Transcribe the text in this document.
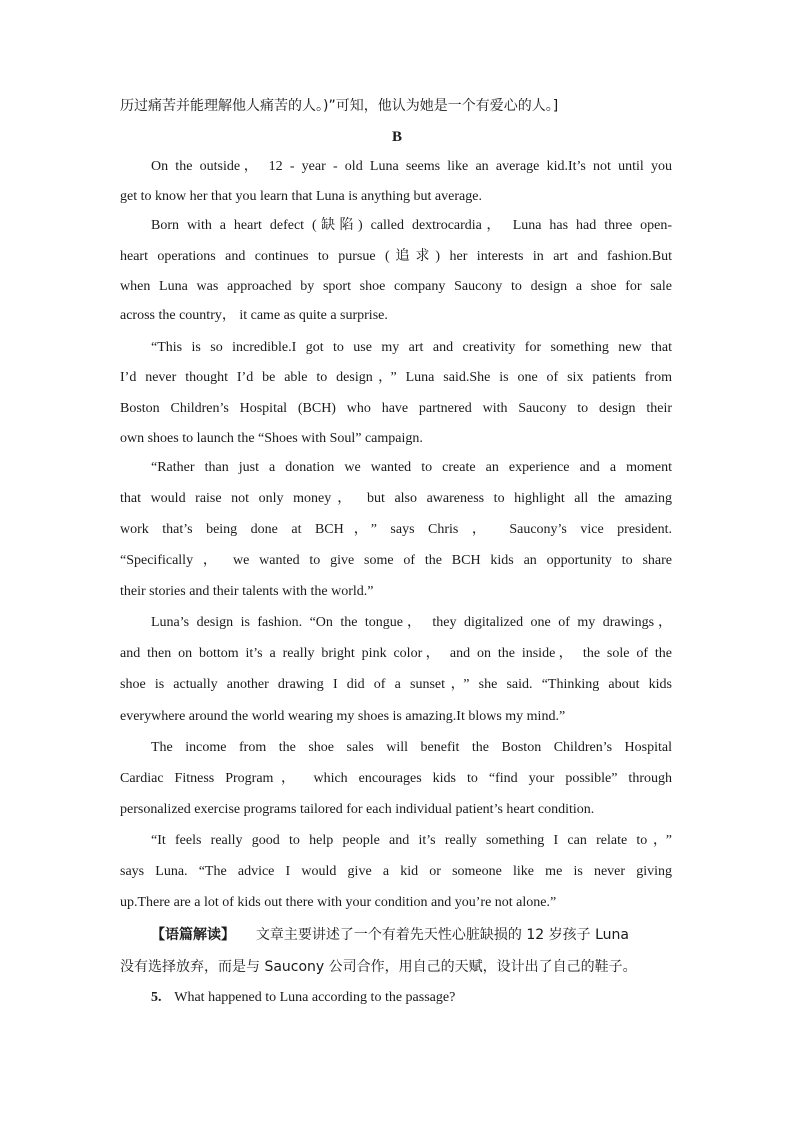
历过痛苦并能理解他人痛苦的人。)”可知，他认为她是一个有爱心的人。]
B
On the outside， 12 - year - old Luna seems like an average kid.It’s not until you
get to know her that you learn that Luna is anything but average.
Born with a heart defect (缺陷) called dextrocardia， Luna has had three open-
heart operations and continues to pursue (追求) her interests in art and fashion.But
when Luna was approached by sport shoe company Saucony to design a shoe for sale
across the country， it came as quite a surprise.
“This is so incredible.I got to use my art and creativity for something new that
I’d never thought I’d be able to design，” Luna said.She is one of six patients from
Boston Children’s Hospital (BCH) who have partnered with Saucony to design their
own shoes to launch the “Shoes with Soul” campaign.
“Rather than just a donation we wanted to create an experience and a moment
that would raise not only money， but also awareness to highlight all the amazing
work that’s being done at BCH，” says Chris ， Saucony’s vice president.
“Specifically ， we wanted to give some of the BCH kids an opportunity to share
their stories and their talents with the world.”
Luna’s design is fashion. “On the tongue， they digitalized one of my drawings，
and then on bottom it’s a really bright pink color， and on the inside， the sole of the
shoe is actually another drawing I did of a sunset，” she said. “Thinking about kids
everywhere around the world wearing my shoes is amazing.It blows my mind.”
The income from the shoe sales will benefit the Boston Children’s Hospital
Cardiac Fitness Program， which encourages kids to “find your possible” through
personalized exercise programs tailored for each individual patient’s heart condition.
“It feels really good to help people and it’s really something I can relate to，”
says Luna. “The advice I would give a kid or someone like me is never giving
up.There are a lot of kids out there with your condition and you’re not alone.”
【语篇解读】 文章主要讲述了一个有着先天性心脏缺损的 12 岁孩子 Luna
没有选择放弃，而是与 Saucony 公司合作，用自己的天赋，设计出了自己的鞋子。
5. What happened to Luna according to the passage?
